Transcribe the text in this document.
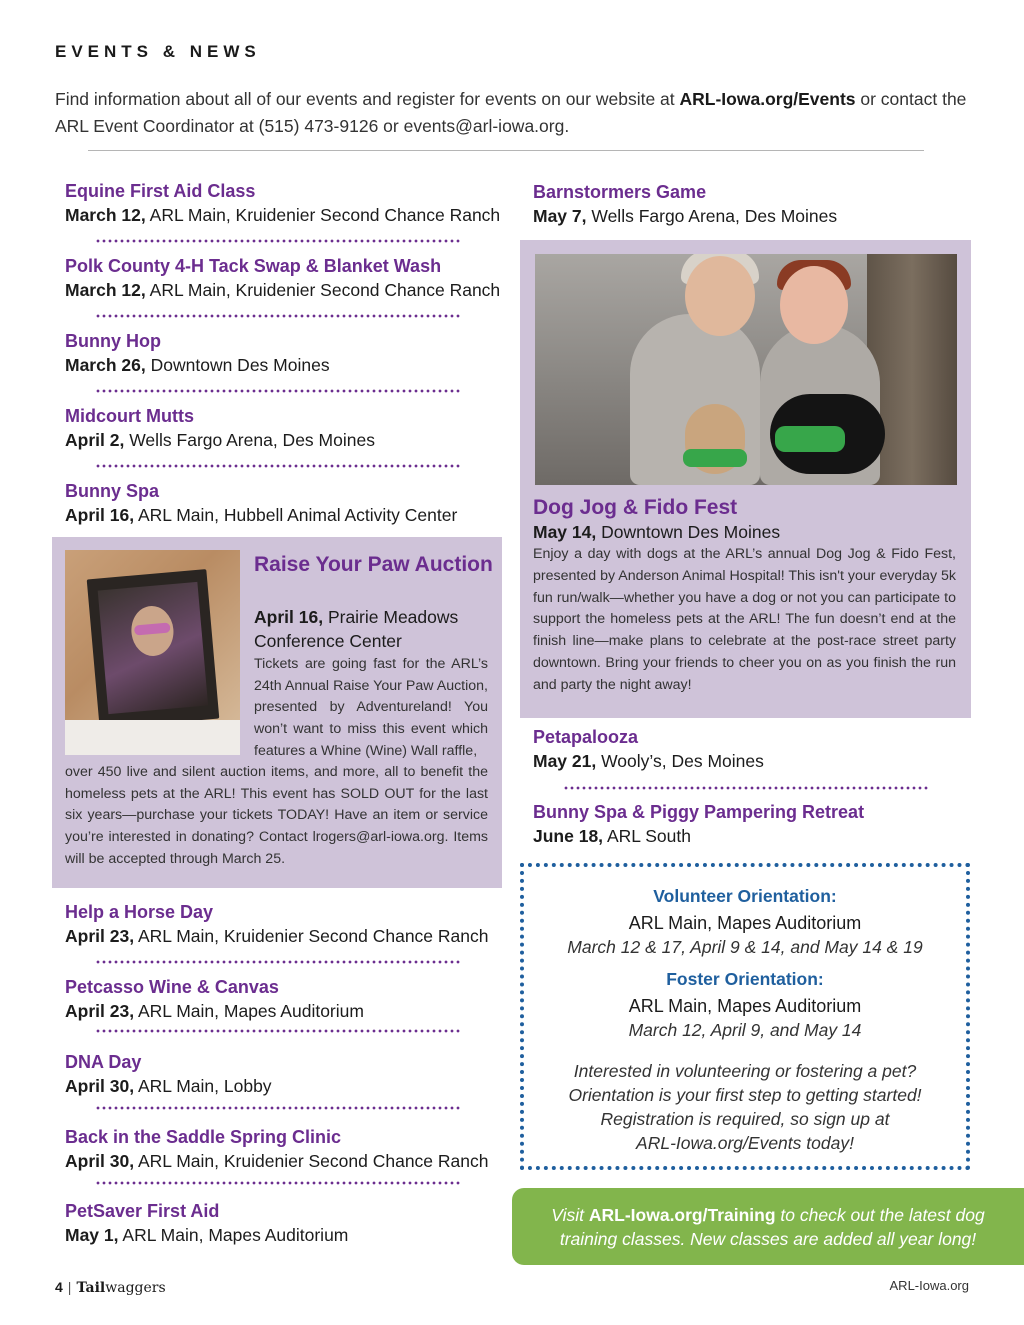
EVENTS & NEWS

Find information about all of our events and register for events on our website at ARL-Iowa.org/Events or contact the ARL Event Coordinator at (515) 473-9126 or events@arl-iowa.org.

Equine First Aid Class
March 12, ARL Main, Kruidenier Second Chance Ranch
Polk County 4-H Tack Swap & Blanket Wash
March 12, ARL Main, Kruidenier Second Chance Ranch
Bunny Hop
March 26, Downtown Des Moines
Midcourt Mutts
April 2, Wells Fargo Arena, Des Moines
Bunny Spa
April 16, ARL Main, Hubbell Animal Activity Center
Raise Your Paw Auction
April 16, Prairie Meadows Conference Center

Tickets are going fast for the ARL’s 24th Annual Raise Your Paw Auction, presented by Adventureland! You won’t want to miss this event which features a Whine (Wine) Wall raffle,

over 450 live and silent auction items, and more, all to benefit the homeless pets at the ARL! This event has SOLD OUT for the last six years—purchase your tickets TODAY! Have an item or service you’re interested in donating? Contact lrogers@arl-iowa.org. Items will be accepted through March 25.

Help a Horse Day
April 23, ARL Main, Kruidenier Second Chance Ranch
Petcasso Wine & Canvas
April 23, ARL Main, Mapes Auditorium
DNA Day
April 30, ARL Main, Lobby
Back in the Saddle Spring Clinic
April 30, ARL Main, Kruidenier Second Chance Ranch
PetSaver First Aid
May 1, ARL Main, Mapes Auditorium
Barnstormers Game
May 7, Wells Fargo Arena, Des Moines
Dog Jog & Fido Fest
May 14, Downtown Des Moines

Enjoy a day with dogs at the ARL’s annual Dog Jog & Fido Fest, presented by Anderson Animal Hospital! This isn't your everyday 5k fun run/walk—whether you have a dog or not you can participate to support the homeless pets at the ARL! The fun doesn’t end at the finish line—make plans to celebrate at the post-race street party downtown. Bring your friends to cheer you on as you finish the run and party the night away!

Petapalooza
May 21, Wooly’s, Des Moines
Bunny Spa & Piggy Pampering Retreat
June 18, ARL South
Volunteer Orientation:
ARL Main, Mapes Auditorium
March 12 & 17, April 9 & 14, and May 14 & 19
Foster Orientation:
ARL Main, Mapes Auditorium
March 12, April 9, and May 14
Interested in volunteering or fostering a pet?
Orientation is your first step to getting started!
Registration is required, so sign up at
ARL-Iowa.org/Events today!
Visit ARL-Iowa.org/Training to check out the latest dog
training classes. New classes are added all year long!
4 | Tailwaggers	ARL-Iowa.org
